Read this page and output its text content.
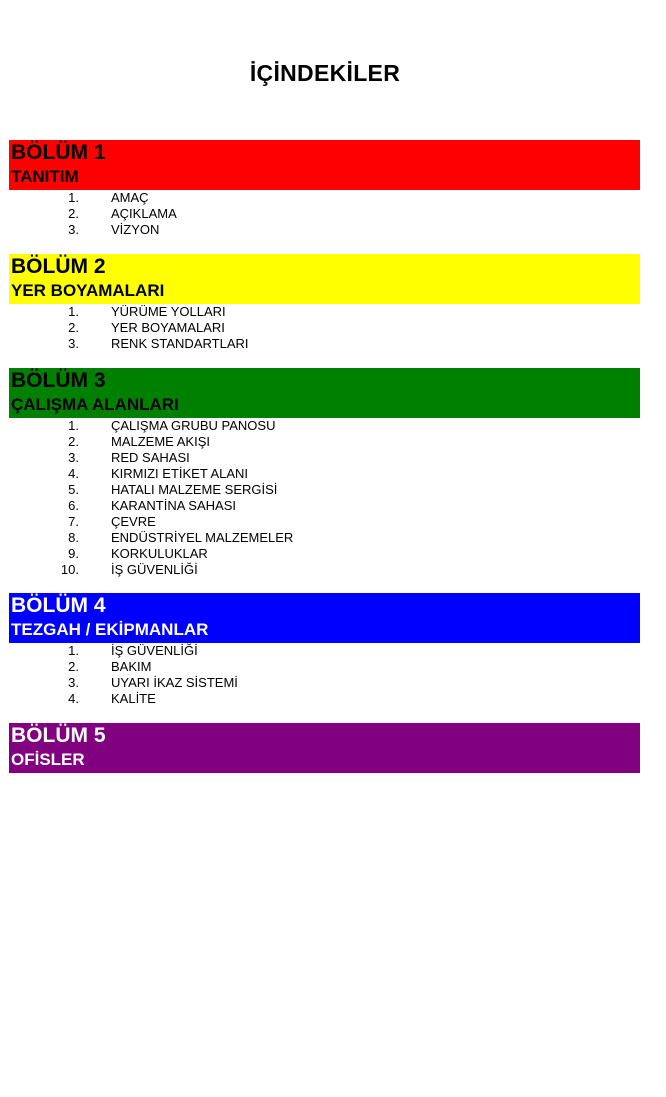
İÇİNDEKİLER
BÖLÜM 1
TANITIM
1. AMAÇ
2. AÇIKLAMA
3. VİZYON
BÖLÜM 2
YER BOYAMALARI
1. YÜRÜME YOLLARI
2. YER BOYAMALARI
3. RENK STANDARTLARI
BÖLÜM 3
ÇALIŞMA ALANLARI
1. ÇALIŞMA GRUBU PANOSU
2. MALZEME AKIŞI
3. RED SAHASI
4. KIRMIZI ETİKET ALANI
5. HATALI MALZEME SERGİSİ
6. KARANTİNA SAHASI
7. ÇEVRE
8. ENDÜSTRİYEL MALZEMELER
9. KORKULUKLAR
10. İŞ GÜVENLİĞİ
BÖLÜM 4
TEZGAH / EKİPMANLAR
1. İŞ GÜVENLİĞİ
2. BAKIM
3. UYARI İKAZ SİSTEMİ
4. KALİTE
BÖLÜM 5
OFİSLER
